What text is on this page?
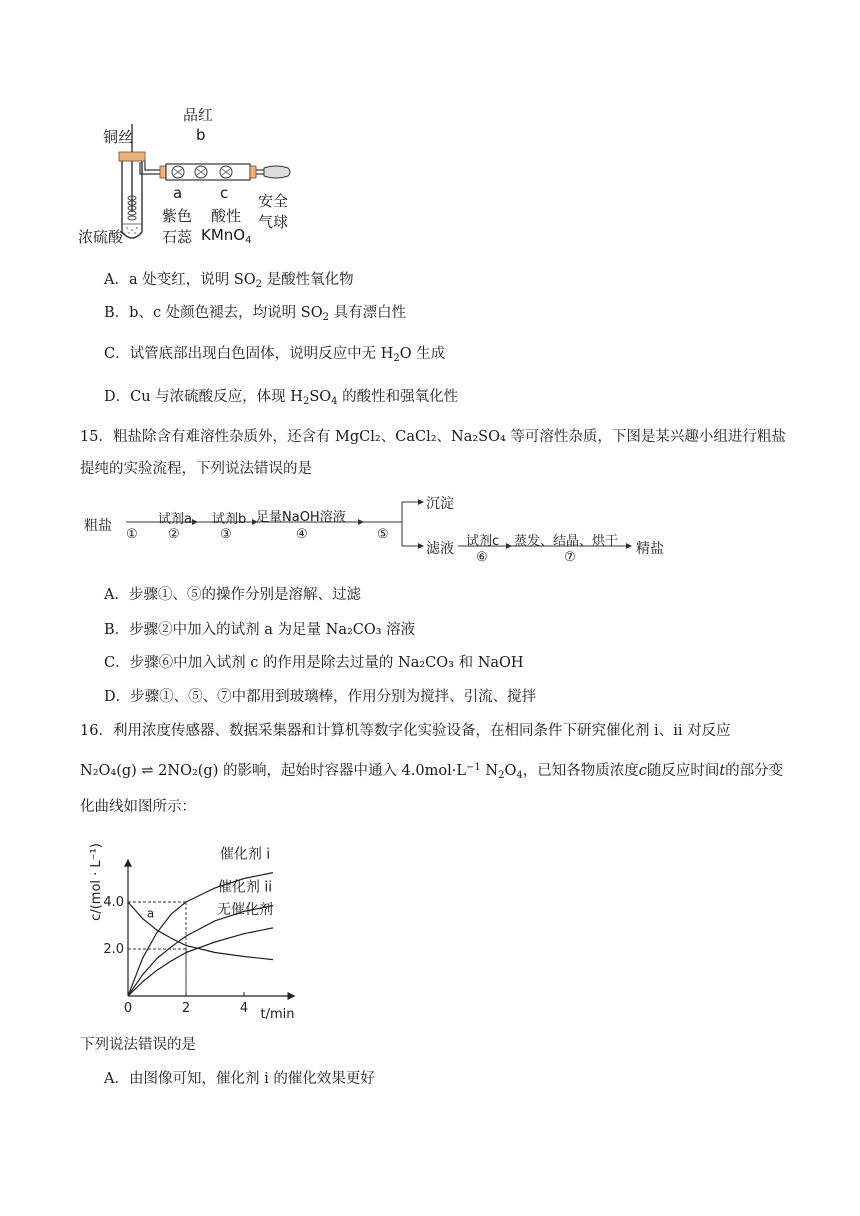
品红
b
铜丝
a	c
紫色
石蕊
酸性
KMnO$_4$
安全
气球
浓硫酸
A．a 处变红，说明 $SO_2$ 是酸性氧化物
B．b、c 处颜色褪去，均说明 $SO_2$ 具有漂白性
C．试管底部出现白色固体，说明反应中无 $H_2O$ 生成
D．Cu 与浓硫酸反应，体现 $H_2SO_4$ 的酸性和强氧化性
15．粗盐除含有难溶性杂质外，还含有 MgCl₂、CaCl₂、Na₂SO₄ 等可溶性杂质，下图是某兴趣小组进行粗盐
提纯的实验流程，下列说法错误的是
粗盐
①
试剂a
②
试剂b
③
足量NaOH溶液
④	⑤
沉淀
滤液 试剂c
⑥
蒸发、结晶、烘干
⑦
精盐
A．步骤①、⑤的操作分别是溶解、过滤
B．步骤②中加入的试剂 a 为足量 Na₂CO₃ 溶液
C．步骤⑥中加入试剂 c 的作用是除去过量的 Na₂CO₃ 和 NaOH
D．步骤①、⑤、⑦中都用到玻璃棒，作用分别为搅拌、引流、搅拌
16．利用浓度传感器、数据采集器和计算机等数字化实验设备，在相同条件下研究催化剂 i、ii 对反应
N₂O₄(g) ⇌ 2NO₂(g) 的影响，起始时容器中通入 $4.0mol\cdot L^{-1}$ $N_2O_4$，已知各物质浓度c随反应时间t的部分变
化曲线如图所示：
0	2	4
2.0
4.0
催化剂 i
催化剂 ii
无催化剂
a
c/(mol · L⁻¹)
t/min
下列说法错误的是
A．由图像可知，催化剂 i 的催化效果更好
